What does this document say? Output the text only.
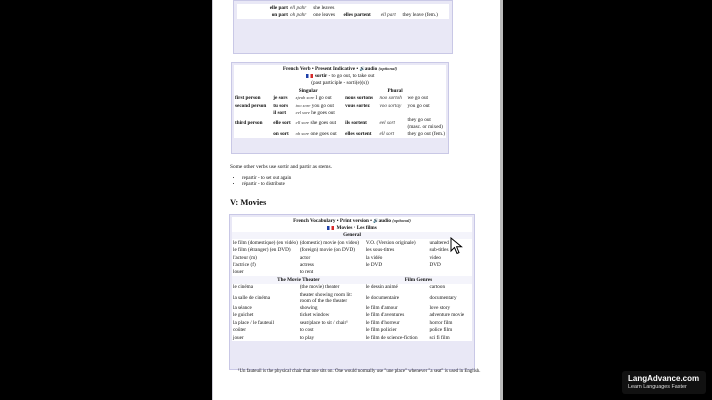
elle part	ell pahr	she leaves			
on part	oh pahr	one leaves	elles partent	ell part	they leave (fem.)
French Verb • Present Indicative • 🔊 audio (optional)					
sortir - to go out, to take out					
(past participle - sorti(e)(s))					
	Singular		Phural		
first person	je sors	zjeuh sore I go out	nous sortons	noo sortoh	we go out
second person	tu sors	too sore you go out	vous sortez	voo sortay	you go out
	il sort	eel sore he goes out			
third person	elle sort	ell sore she goes out	ils sortent	eel sort	they go out (masc. or mixed)
	on sort	oh sore one goes out	elles sortent	ell sort	they go out (fem.)
Some other verbs use sortir and partir as stems.
• repartir - to set out again
• répartir - to distribute
V: Movies
French Vocabulary • Print version • 🔊 audio (optional)			
Movies · Les films			
General			
le film (domestique) (en vidéo)	(domestic) movie (on video)	V.O. (Version originale)	unaltered
le film (étranger) (en DVD)	(foreign) movie (on DVD)	les sous-titres	sub-titles
l'acteur (m)	actor	la vidéo	video
l'actrice (f)	actress	le DVD	DVD
louer	to rent		
The Movie Theater		Film Genres	
le cinéma	(the movie) theater	le dessin animé	cartoon
la salle de cinéma	theater showing room lit: room of the the theater	le documentaire	documentary
la séance	showing	le film d'amour	love story
le guichet	ticket window	le film d'aventures	adventure movie
la place / le fauteuil	seat/place to sit / chair¹	le film d'horreur	horror film
coûter	to cost	le film policier	police film
jouer	to play	le film de science-fiction	sci fi film
¹Un fauteuil is the physical chair that one sits on. One would normally use "une place" whenever "a seat" is used in English.
LangAdvance.com
Learn Languages Faster
